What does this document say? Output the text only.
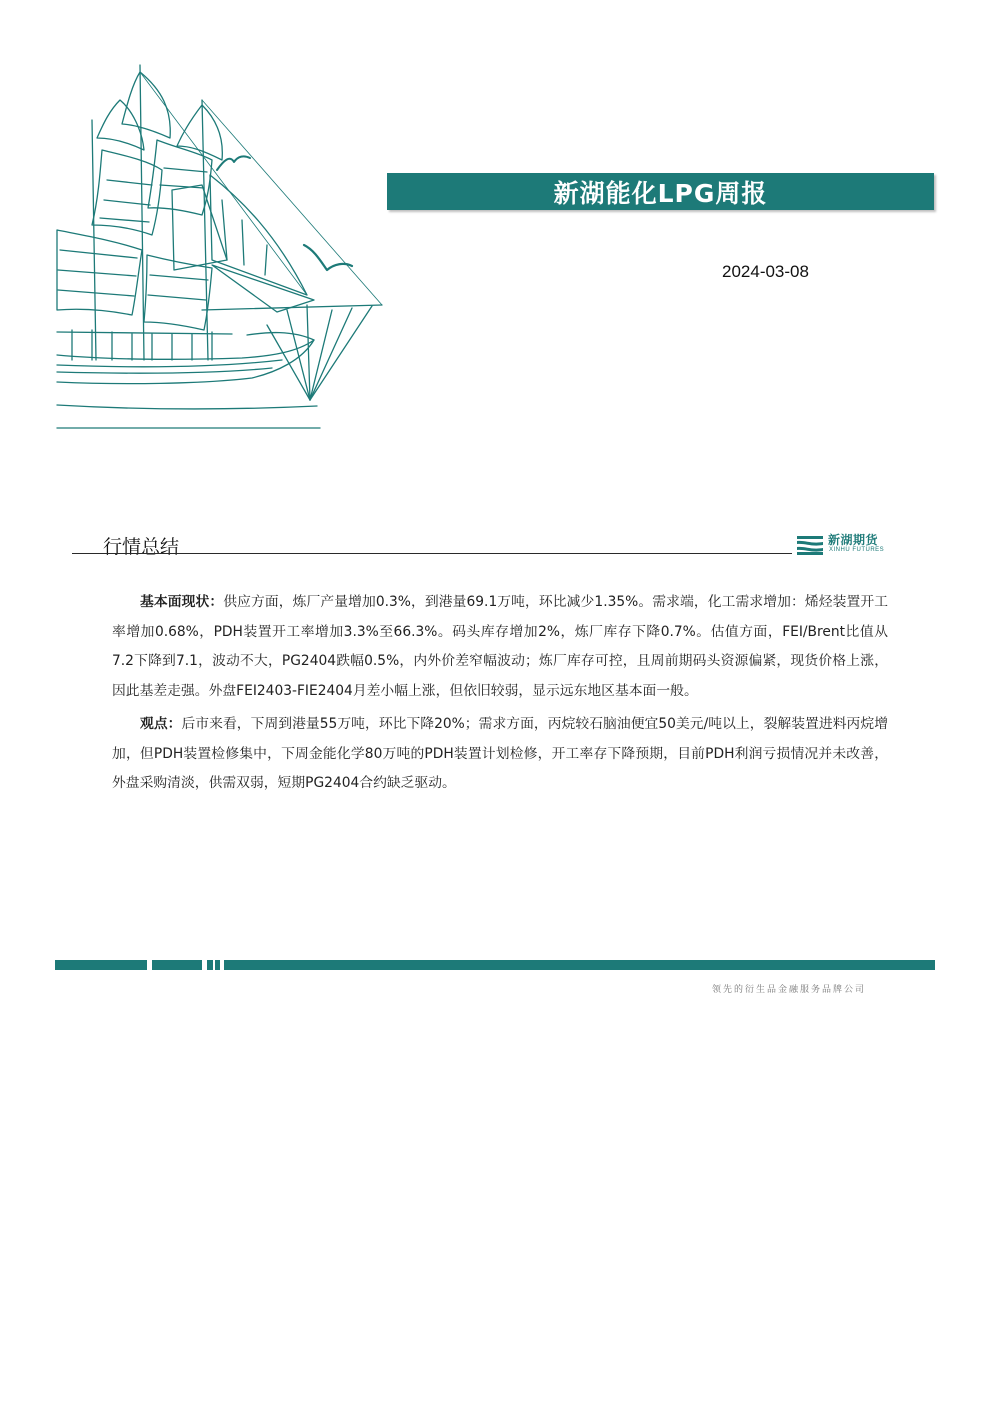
新湖能化LPG周报
2024-03-08
行情总结	新湖期货
XINHU FUTURES

基本面现状：供应方面，炼厂产量增加0.3%，到港量69.1万吨，环比减少1.35%。需求端，化工需求增加：烯烃装置开工率增加0.68%，PDH装置开工率增加3.3%至66.3%。码头库存增加2%，炼厂库存下降0.7%。估值方面，FEI/Brent比值从7.2下降到7.1，波动不大，PG2404跌幅0.5%，内外价差窄幅波动；炼厂库存可控，且周前期码头资源偏紧，现货价格上涨，因此基差走强。外盘FEI2403-FIE2404月差小幅上涨，但依旧较弱，显示远东地区基本面一般。

观点：后市来看，下周到港量55万吨，环比下降20%；需求方面，丙烷较石脑油便宜50美元/吨以上，裂解装置进料丙烷增加，但PDH装置检修集中，下周金能化学80万吨的PDH装置计划检修，开工率存下降预期，目前PDH利润亏损情况并未改善，外盘采购清淡，供需双弱，短期PG2404合约缺乏驱动。

领先的衍生品金融服务品牌公司
